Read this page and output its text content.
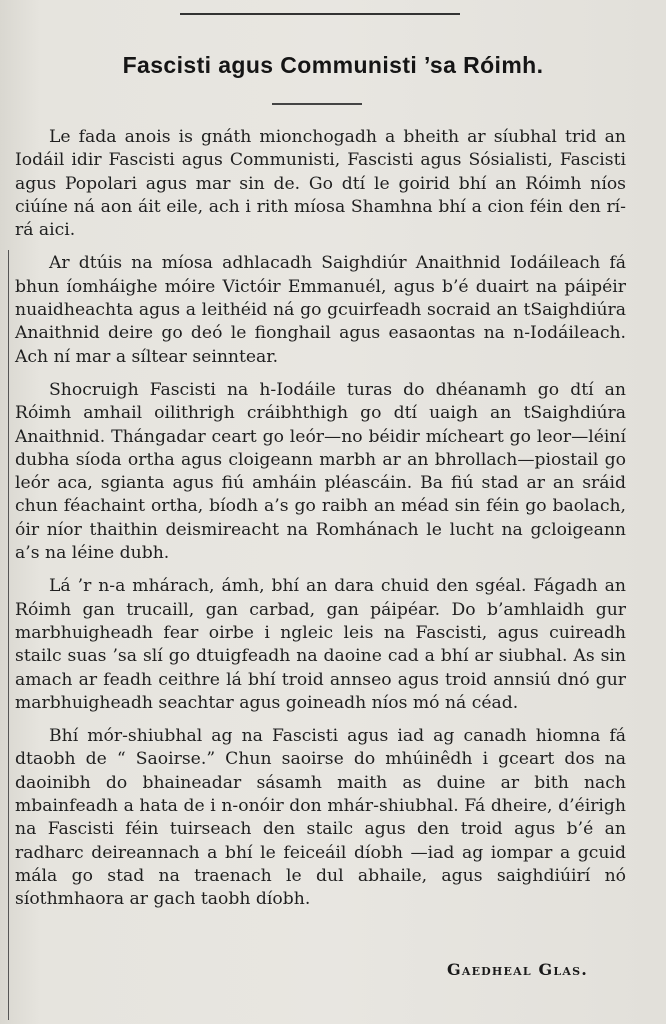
Fascisti agus Communisti ’sa Róimh.

Le fada anois is gnáth mionchogadh a bheith ar síubhal trid an Iodáil idir Fascisti agus Communisti, Fascisti agus Sósialisti, Fascisti agus Popolari agus mar sin de. Go dtí le goirid bhí an Róimh níos ciúíne ná aon áit eile, ach i rith míosa Shamhna bhí a cion féin den rí-rá aici.

Ar dtúis na míosa adhlacadh Saighdiúr Anaithnid Iodáileach fá bhun íomháighe móire Victóir Emmanuél, agus b’é duairt na páipéir nuaidheachta agus a leithéid ná go gcuirfeadh socraid an tSaighdiúra Anaithnid deire go deó le fionghail agus easaontas na n-Iodáileach. Ach ní mar a síltear seinntear.

Shocruigh Fascisti na h-Iodáile turas do dhéanamh go dtí an Róimh amhail oilithrigh cráibhthigh go dtí uaigh an tSaighdiúra Anaithnid. Thángadar ceart go leór—no béidir mícheart go leor—léiní dubha síoda ortha agus cloigeann marbh ar an bhrollach—piostail go leór aca, sgianta agus fiú amháin pléascáin. Ba fiú stad ar an sráid chun féachaint ortha, bíodh a’s go raibh an méad sin féin go baolach, óir níor thaithin deismireacht na Romhánach le lucht na gcloigeann a’s na léine dubh.

Lá ’r n-a mhárach, ámh, bhí an dara chuid den sgéal. Fágadh an Róimh gan trucaill, gan carbad, gan páipéar. Do b’amhlaidh gur marbhuigheadh fear oirbe i ngleic leis na Fascisti, agus cuireadh stailc suas ’sa slí go dtuigfeadh na daoine cad a bhí ar siubhal. As sin amach ar feadh ceithre lá bhí troid annseo agus troid annsiú dnó gur marbhuigheadh seachtar agus goineadh níos mó ná céad.

Bhí mór-shiubhal ag na Fascisti agus iad ag canadh hiomna fá dtaobh de “ Saoirse.” Chun saoirse do mhúinêdh i gceart dos na daoinibh do bhaineadar sásamh maith as duine ar bith nach mbainfeadh a hata de i n-onóir don mhár-shiubhal. Fá dheire, d’éirigh na Fascisti féin tuirseach den stailc agus den troid agus b’é an radharc deireannach a bhí le feiceáil díobh —iad ag iompar a gcuid mála go stad na traenach le dul abhaile, agus saighdiúirí nó síothmhaora ar gach taobh díobh.

Gaedheal Glas.
